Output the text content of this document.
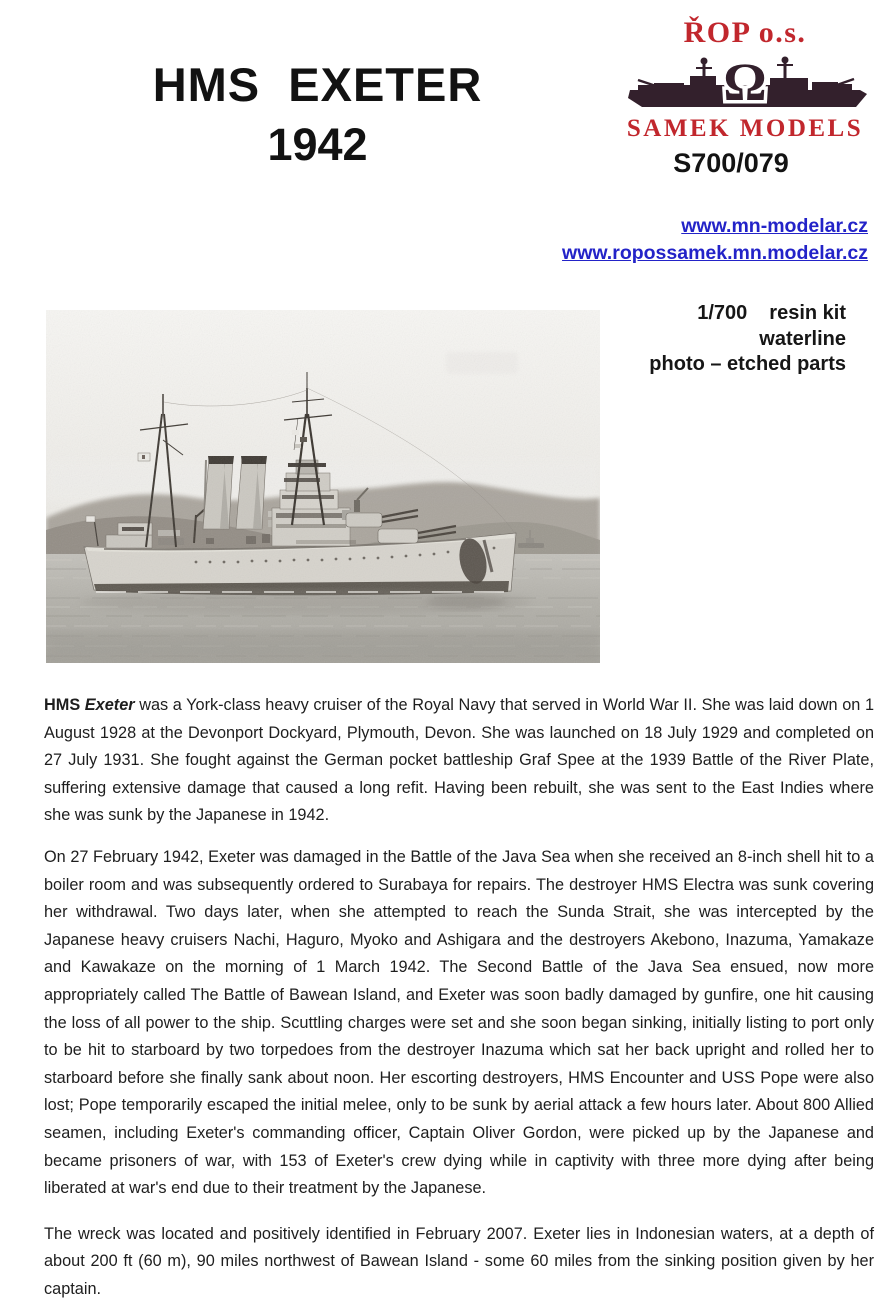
HMS  EXETER
1942
ŘOP o.s.
Ω
SAMEK MODELS
S700/079
www.mn-modelar.cz
www.ropossamek.mn.modelar.cz
1/700 resin kit
waterline
photo – etched parts

HMS Exeter was a York-class heavy cruiser of the Royal Navy that served in World War II. She was laid down on 1 August 1928 at the Devonport Dockyard, Plymouth, Devon. She was launched on 18 July 1929 and completed on 27 July 1931. She fought against the German pocket battleship Graf Spee at the 1939 Battle of the River Plate, suffering extensive damage that caused a long refit. Having been rebuilt, she was sent to the East Indies where she was sunk by the Japanese in 1942.

On 27 February 1942, Exeter was damaged in the Battle of the Java Sea when she received an 8-inch shell hit to a boiler room and was subsequently ordered to Surabaya for repairs. The destroyer HMS Electra was sunk covering her withdrawal. Two days later, when she attempted to reach the Sunda Strait, she was intercepted by the Japanese heavy cruisers Nachi, Haguro, Myoko and Ashigara and the destroyers Akebono, Inazuma, Yamakaze and Kawakaze on the morning of 1 March 1942. The Second Battle of the Java Sea ensued, now more appropriately called The Battle of Bawean Island, and Exeter was soon badly damaged by gunfire, one hit causing the loss of all power to the ship. Scuttling charges were set and she soon began sinking, initially listing to port only to be hit to starboard by two torpedoes from the destroyer Inazuma which sat her back upright and rolled her to starboard before she finally sank about noon. Her escorting destroyers, HMS Encounter and USS Pope were also lost; Pope temporarily escaped the initial melee, only to be sunk by aerial attack a few hours later. About 800 Allied seamen, including Exeter's commanding officer, Captain Oliver Gordon, were picked up by the Japanese and became prisoners of war, with 153 of Exeter's crew dying while in captivity with three more dying after being liberated at war's end due to their treatment by the Japanese.

The wreck was located and positively identified in February 2007. Exeter lies in Indonesian waters, at a depth of about 200 ft (60 m), 90 miles northwest of Bawean Island - some 60 miles from the sinking position given by her captain.
